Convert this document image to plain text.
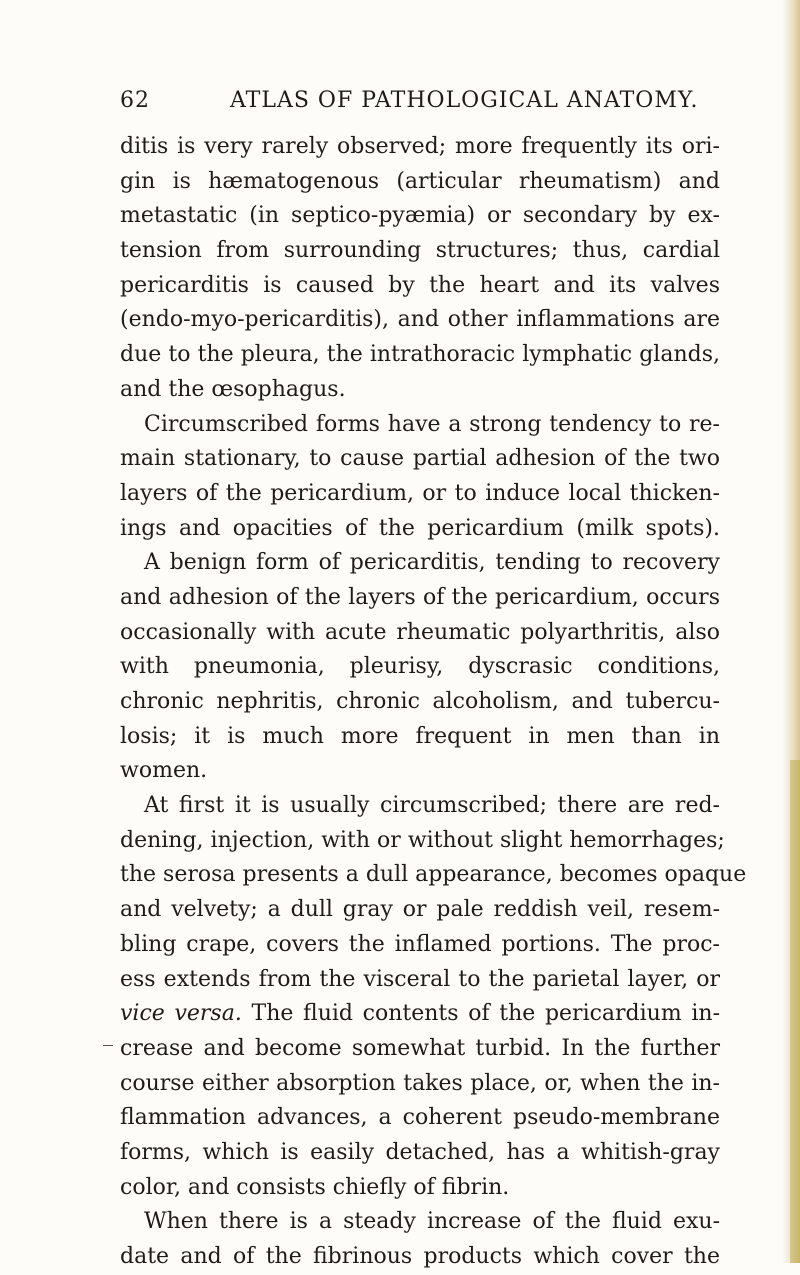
62	ATLAS OF PATHOLOGICAL ANATOMY.
ditis is very rarely observed; more frequently its ori-
gin is hæmatogenous (articular rheumatism) and
metastatic (in septico-pyæmia) or secondary by ex-
tension from surrounding structures; thus, cardial
pericarditis is caused by the heart and its valves
(endo-myo-pericarditis), and other inflammations are
due to the pleura, the intrathoracic lymphatic glands,
and the œsophagus.
Circumscribed forms have a strong tendency to re-
main stationary, to cause partial adhesion of the two
layers of the pericardium, or to induce local thicken-
ings and opacities of the pericardium (milk spots).
A benign form of pericarditis, tending to recovery
and adhesion of the layers of the pericardium, occurs
occasionally with acute rheumatic polyarthritis, also
with pneumonia, pleurisy, dyscrasic conditions,
chronic nephritis, chronic alcoholism, and tubercu-
losis; it is much more frequent in men than in
women.
At first it is usually circumscribed; there are red-
dening, injection, with or without slight hemorrhages;
the serosa presents a dull appearance, becomes opaque
and velvety; a dull gray or pale reddish veil, resem-
bling crape, covers the inflamed portions. The proc-
ess extends from the visceral to the parietal layer, or
vice versa. The fluid contents of the pericardium in-
crease and become somewhat turbid. In the further
course either absorption takes place, or, when the in-
flammation advances, a coherent pseudo-membrane
forms, which is easily detached, has a whitish-gray
color, and consists chiefly of fibrin.
When there is a steady increase of the fluid exu-
date and of the fibrinous products which cover the
